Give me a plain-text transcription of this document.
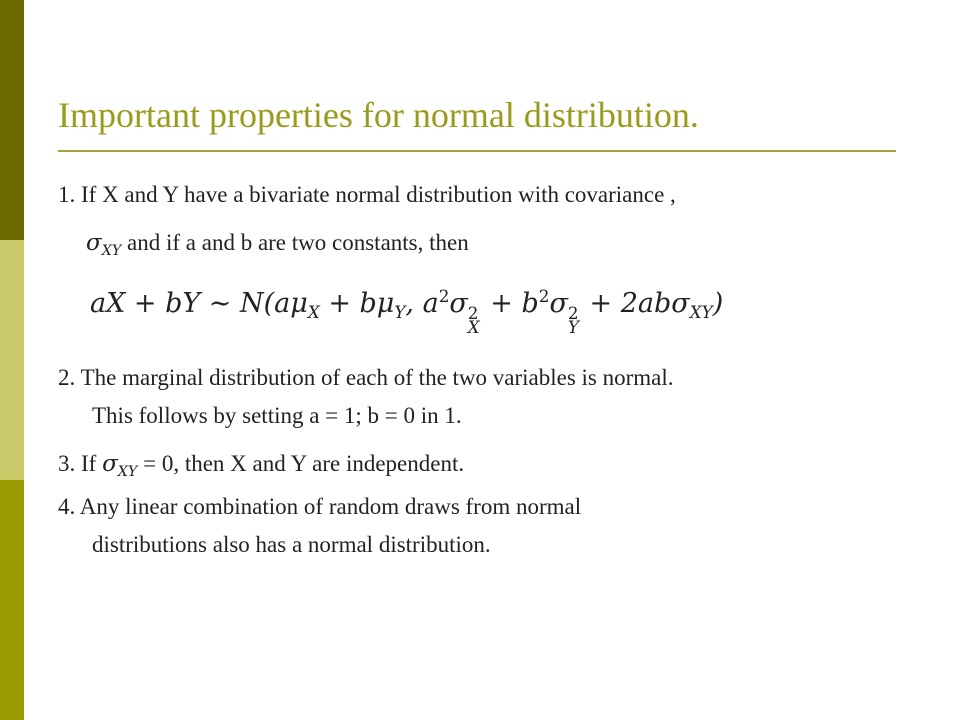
Important properties for normal distribution.
1. If X and Y have a bivariate normal distribution with covariance ,
$\sigma_{XY}$ and if a and b are two constants, then
aX + bY ∼ $N(a\mu_X + b\mu_Y$, $a^2\sigma$ 2
X
+ $b^2\sigma$ 2
Y
+ 2abσ$_{XY}$)
2. The marginal distribution of each of the two variables is normal.
This follows by setting a = 1; b = 0 in 1.
3. If $\sigma_{XY} = 0$, then X and Y are independent.
4. Any linear combination of random draws from normal
distributions also has a normal distribution.
